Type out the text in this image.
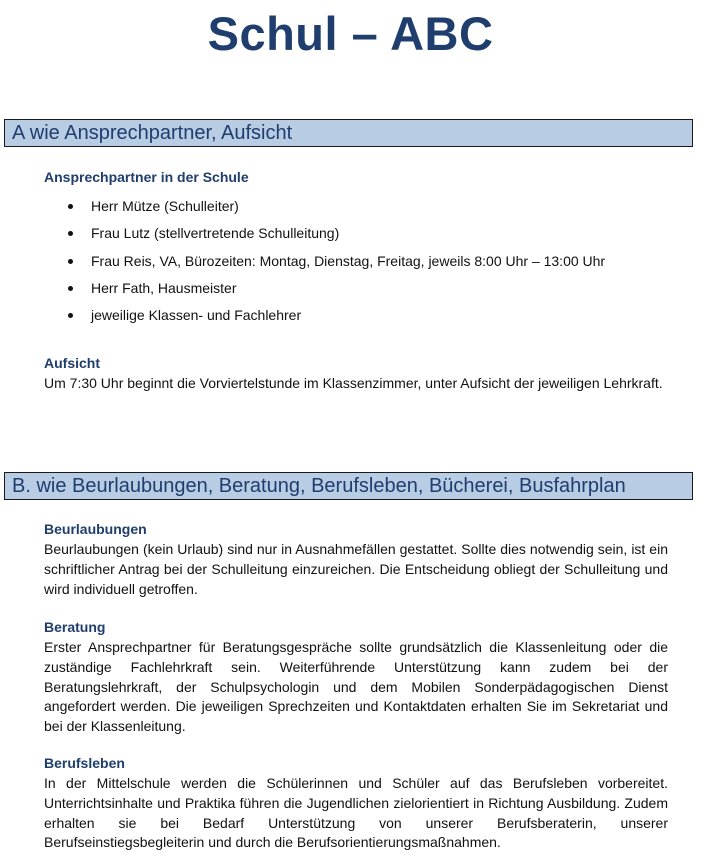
Schul – ABC
A wie Ansprechpartner, Aufsicht
Ansprechpartner in der Schule
Herr Mütze (Schulleiter)
Frau Lutz (stellvertretende Schulleitung)
Frau Reis, VA, Bürozeiten: Montag, Dienstag, Freitag, jeweils 8:00 Uhr – 13:00 Uhr
Herr Fath, Hausmeister
jeweilige Klassen- und Fachlehrer
Aufsicht

Um 7:30 Uhr beginnt die Vorviertelstunde im Klassenzimmer, unter Aufsicht der jeweiligen Lehrkraft.

B. wie Beurlaubungen, Beratung, Berufsleben, Bücherei, Busfahrplan
Beurlaubungen

Beurlaubungen (kein Urlaub) sind nur in Ausnahmefällen gestattet. Sollte dies notwendig sein, ist ein schriftlicher Antrag bei der Schulleitung einzureichen. Die Entscheidung obliegt der Schulleitung und wird individuell getroffen.

Beratung

Erster Ansprechpartner für Beratungsgespräche sollte grundsätzlich die Klassenleitung oder die zuständige Fachlehrkraft sein. Weiterführende Unterstützung kann zudem bei der Beratungslehrkraft, der Schulpsychologin und dem Mobilen Sonderpädagogischen Dienst angefordert werden. Die jeweiligen Sprechzeiten und Kontaktdaten erhalten Sie im Sekretariat und bei der Klassenleitung.

Berufsleben

In der Mittelschule werden die Schülerinnen und Schüler auf das Berufsleben vorbereitet. Unterrichtsinhalte und Praktika führen die Jugendlichen zielorientiert in Richtung Ausbildung. Zudem erhalten sie bei Bedarf Unterstützung von unserer Berufsberaterin, unserer Berufseinstiegsbegleiterin und durch die Berufsorientierungsmaßnahmen.
